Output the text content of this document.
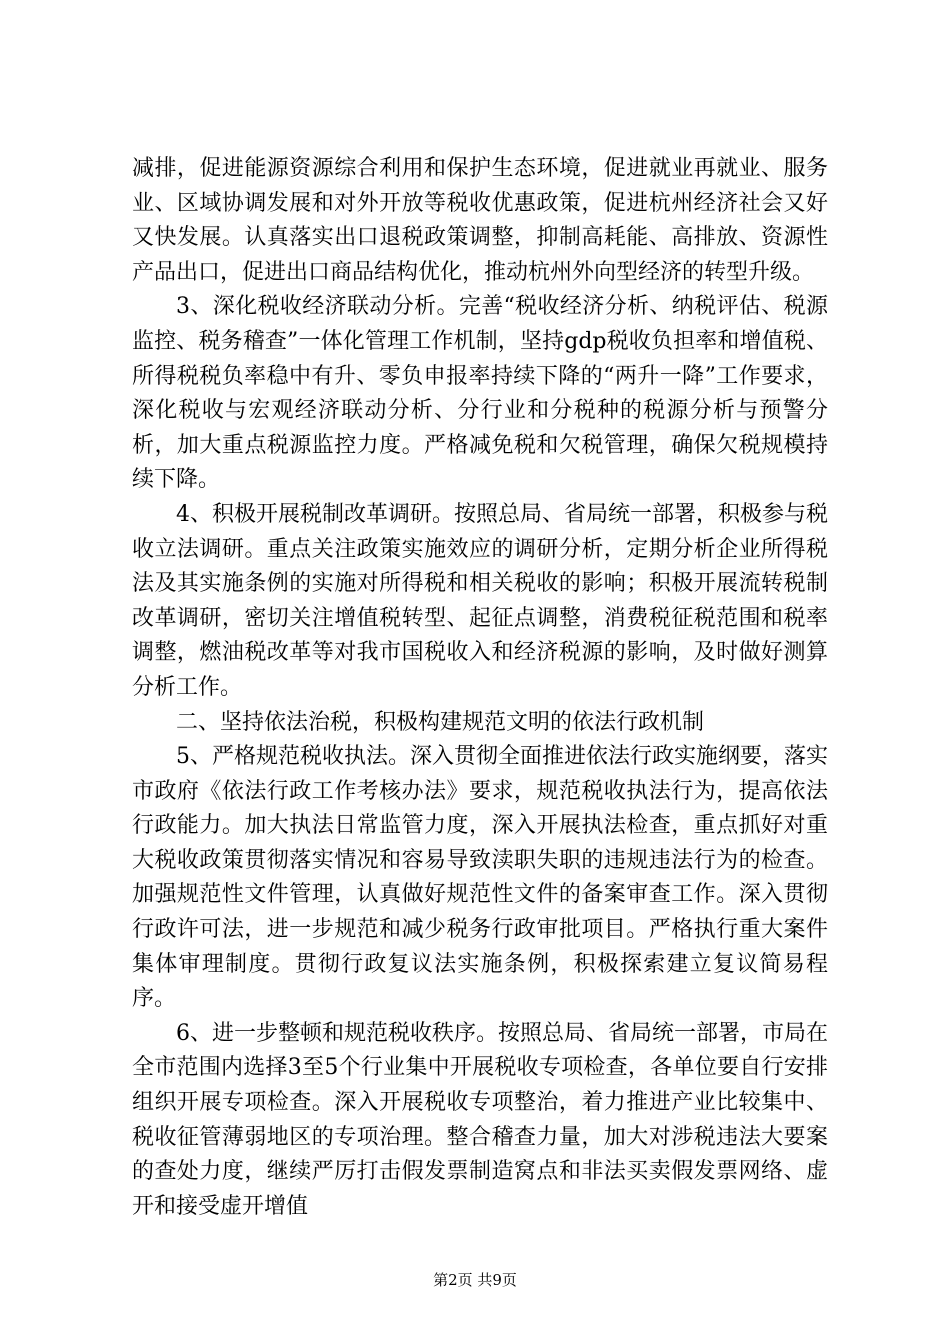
减排，促进能源资源综合利用和保护生态环境，促进就业再就业、服务业、区域协调发展和对外开放等税收优惠政策，促进杭州经济社会又好又快发展。认真落实出口退税政策调整，抑制高耗能、高排放、资源性产品出口，促进出口商品结构优化，推动杭州外向型经济的转型升级。

3、深化税收经济联动分析。完善“税收经济分析、纳税评估、税源监控、税务稽查”一体化管理工作机制，坚持gdp税收负担率和增值税、所得税税负率稳中有升、零负申报率持续下降的“两升一降”工作要求，深化税收与宏观经济联动分析、分行业和分税种的税源分析与预警分析，加大重点税源监控力度。严格减免税和欠税管理，确保欠税规模持续下降。

4、积极开展税制改革调研。按照总局、省局统一部署，积极参与税收立法调研。重点关注政策实施效应的调研分析，定期分析企业所得税法及其实施条例的实施对所得税和相关税收的影响；积极开展流转税制改革调研，密切关注增值税转型、起征点调整，消费税征税范围和税率调整，燃油税改革等对我市国税收入和经济税源的影响，及时做好测算分析工作。

二、坚持依法治税，积极构建规范文明的依法行政机制

5、严格规范税收执法。深入贯彻全面推进依法行政实施纲要，落实市政府《依法行政工作考核办法》要求，规范税收执法行为，提高依法行政能力。加大执法日常监管力度，深入开展执法检查，重点抓好对重大税收政策贯彻落实情况和容易导致渎职失职的违规违法行为的检查。加强规范性文件管理，认真做好规范性文件的备案审查工作。深入贯彻行政许可法，进一步规范和减少税务行政审批项目。严格执行重大案件集体审理制度。贯彻行政复议法实施条例，积极探索建立复议简易程序。

6、进一步整顿和规范税收秩序。按照总局、省局统一部署，市局在全市范围内选择3至5个行业集中开展税收专项检查，各单位要自行安排组织开展专项检查。深入开展税收专项整治，着力推进产业比较集中、税收征管薄弱地区的专项治理。整合稽查力量，加大对涉税违法大要案的查处力度，继续严厉打击假发票制造窝点和非法买卖假发票网络、虚开和接受虚开增值

第2页 共9页
